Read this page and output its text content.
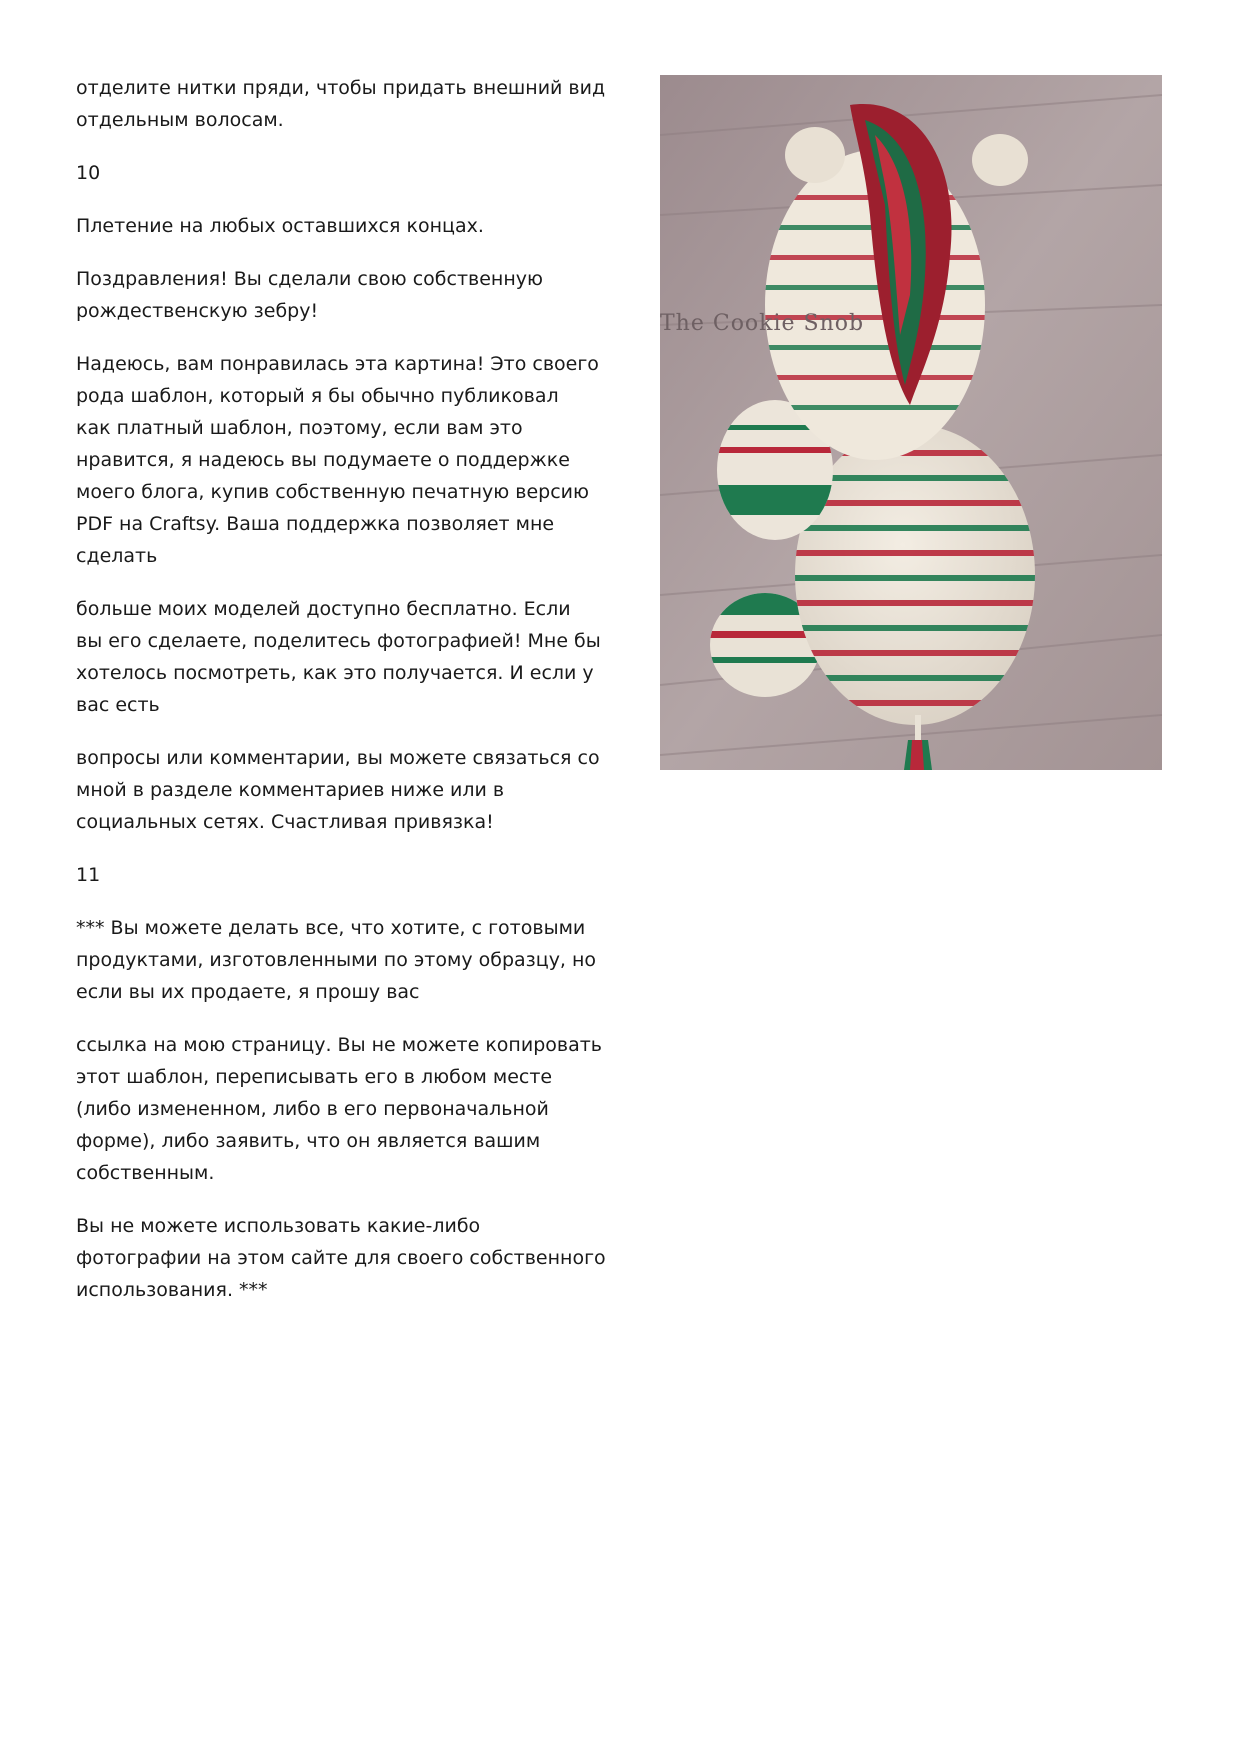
отделите нитки пряди, чтобы придать внешний вид
отдельным волосам.

10

Плетение на любых оставшихся концах.

Поздравления! Вы сделали свою собственную
рождественскую зебру!

Надеюсь, вам понравилась эта картина! Это своего
рода шаблон, который я бы обычно публиковал
как платный шаблон, поэтому, если вам это
нравится, я надеюсь вы подумаете о поддержке
моего блога, купив собственную печатную версию
PDF на Craftsy. Ваша поддержка позволяет мне
сделать

больше моих моделей доступно бесплатно. Если
вы его сделаете, поделитесь фотографией! Мне бы
хотелось посмотреть, как это получается. И если у
вас есть

вопросы или комментарии, вы можете связаться со
мной в разделе комментариев ниже или в
социальных сетях. Счастливая привязка!

11

*** Вы можете делать все, что хотите, с готовыми
продуктами, изготовленными по этому образцу, но
если вы их продаете, я прошу вас

ссылка на мою страницу. Вы не можете копировать
этот шаблон, переписывать его в любом месте
(либо измененном, либо в его первоначальной
форме), либо заявить, что он является вашим
собственным.

Вы не можете использовать какие-либо
фотографии на этом сайте для своего собственного
использования. ***

The Cookie Snob
